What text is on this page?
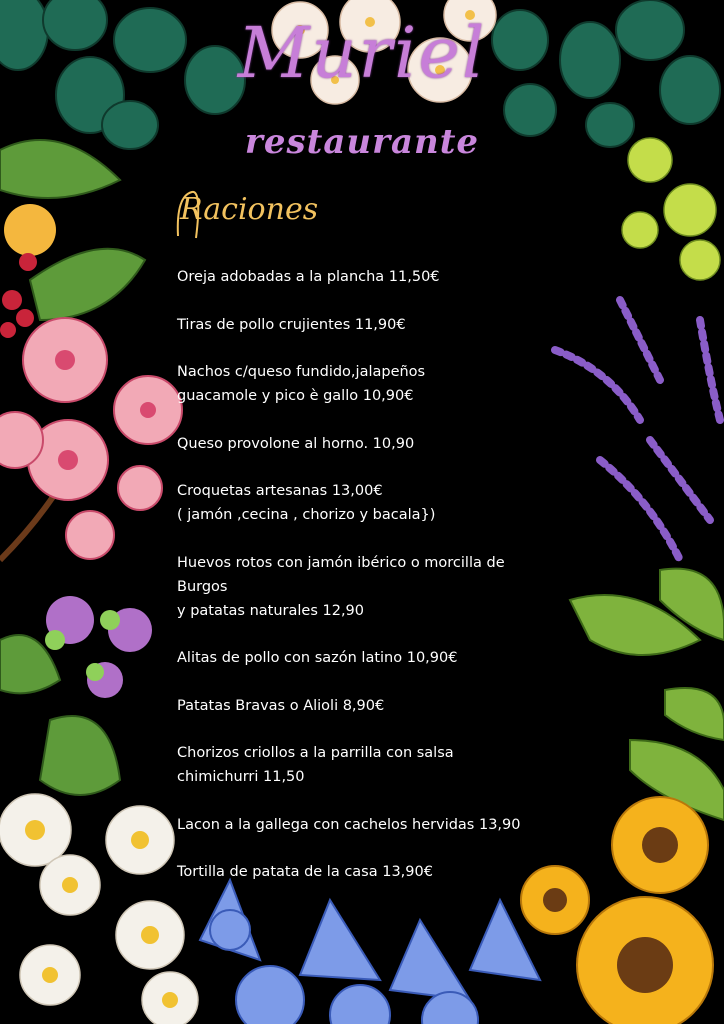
Muriel
restaurante
Raciones
Oreja adobadas a la plancha 11,50€
Tiras de pollo crujientes 11,90€
Nachos c/queso fundido,jalapeños
guacamole y pico è gallo 10,90€
Queso provolone al horno. 10,90
Croquetas artesanas 13,00€
( jamón ,cecina , chorizo y bacala})
Huevos rotos con jamón ibérico o morcilla de
Burgos
y patatas naturales 12,90
Alitas de pollo con sazón latino 10,90€
Patatas Bravas o Alioli 8,90€
Chorizos criollos a la parrilla con salsa
chimichurri 11,50
Lacon a la gallega con cachelos hervidas 13,90
Tortilla de patata de la casa 13,90€
